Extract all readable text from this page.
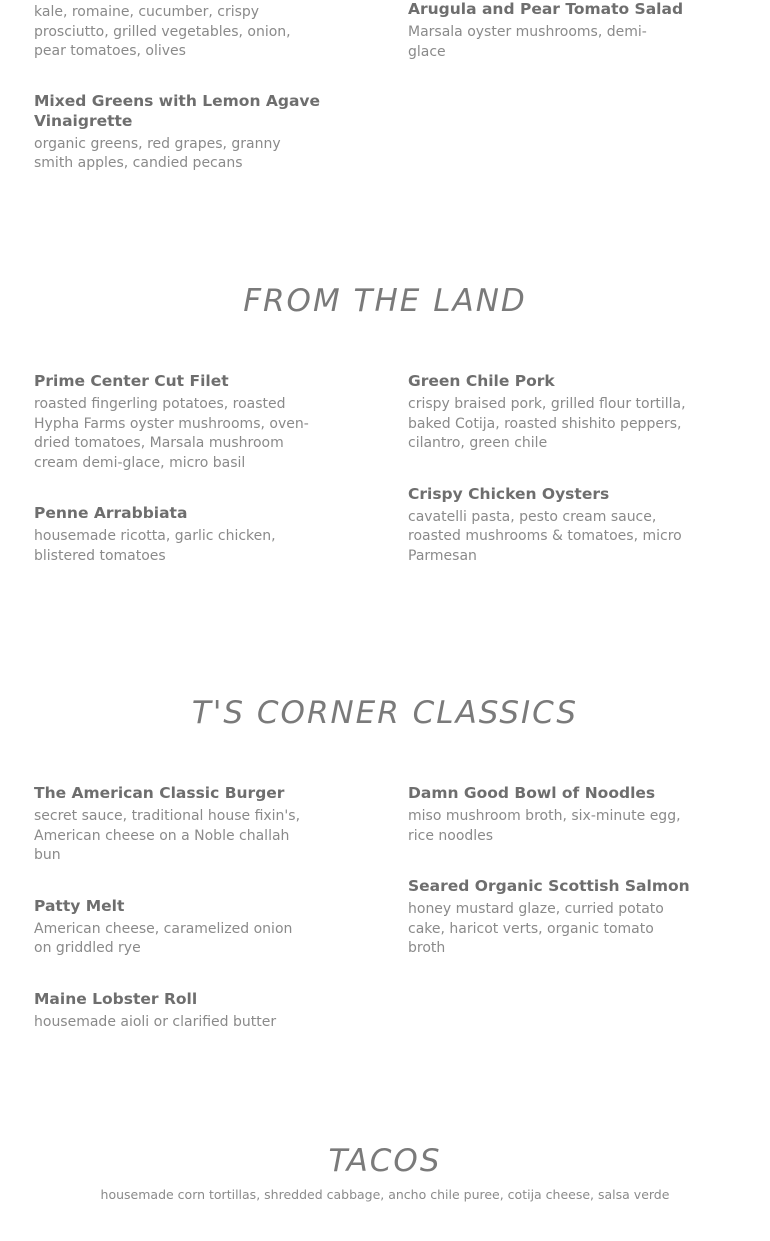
kale, romaine, cucumber, crispy prosciutto, grilled vegetables, onion, pear tomatoes, olives

Mixed Greens with Lemon Agave Vinaigrette

organic greens, red grapes, granny smith apples, candied pecans

Arugula and Pear Tomato Salad

Marsala oyster mushrooms, demi-glace

FROM THE LAND

Prime Center Cut Filet

roasted fingerling potatoes, roasted Hypha Farms oyster mushrooms, oven-dried tomatoes, Marsala mushroom cream demi-glace, micro basil

Penne Arrabbiata

housemade ricotta, garlic chicken, blistered tomatoes

Green Chile Pork

crispy braised pork, grilled flour tortilla, baked Cotija, roasted shishito peppers, cilantro, green chile

Crispy Chicken Oysters

cavatelli pasta, pesto cream sauce, roasted mushrooms & tomatoes, micro Parmesan

T'S CORNER CLASSICS

The American Classic Burger

secret sauce, traditional house fixin's, American cheese on a Noble challah bun

Patty Melt

American cheese, caramelized onion on griddled rye

Maine Lobster Roll

housemade aioli or clarified butter

Damn Good Bowl of Noodles

miso mushroom broth, six-minute egg, rice noodles

Seared Organic Scottish Salmon

honey mustard glaze, curried potato cake, haricot verts, organic tomato broth

TACOS

housemade corn tortillas, shredded cabbage, ancho chile puree, cotija cheese, salsa verde
